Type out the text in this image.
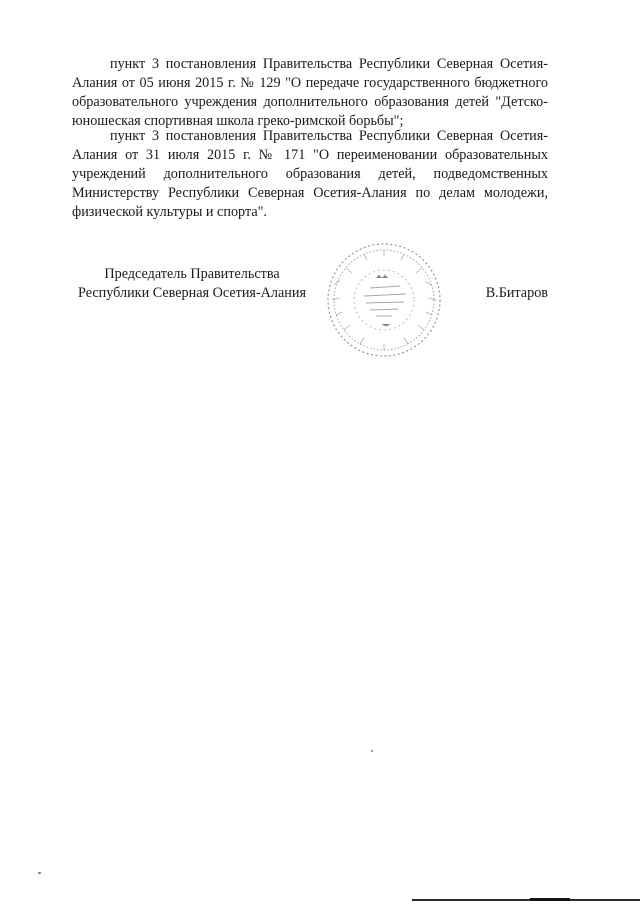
пункт 3 постановления Правительства Республики Северная Осетия-Алания от 05 июня 2015 г. № 129 "О передаче государственного бюджетного образовательного учреждения дополнительного образования детей "Детско-юношеская спортивная школа греко-римской борьбы";

пункт 3 постановления Правительства Республики Северная Осетия-Алания от 31 июля 2015 г. № 171 "О переименовании образовательных учреждений дополнительного образования детей, подведомственных Министерству Республики Северная Осетия-Алания по делам молодежи, физической культуры и спорта".

Председатель Правительства
Республики Северная Осетия-Алания	В.Битаров
